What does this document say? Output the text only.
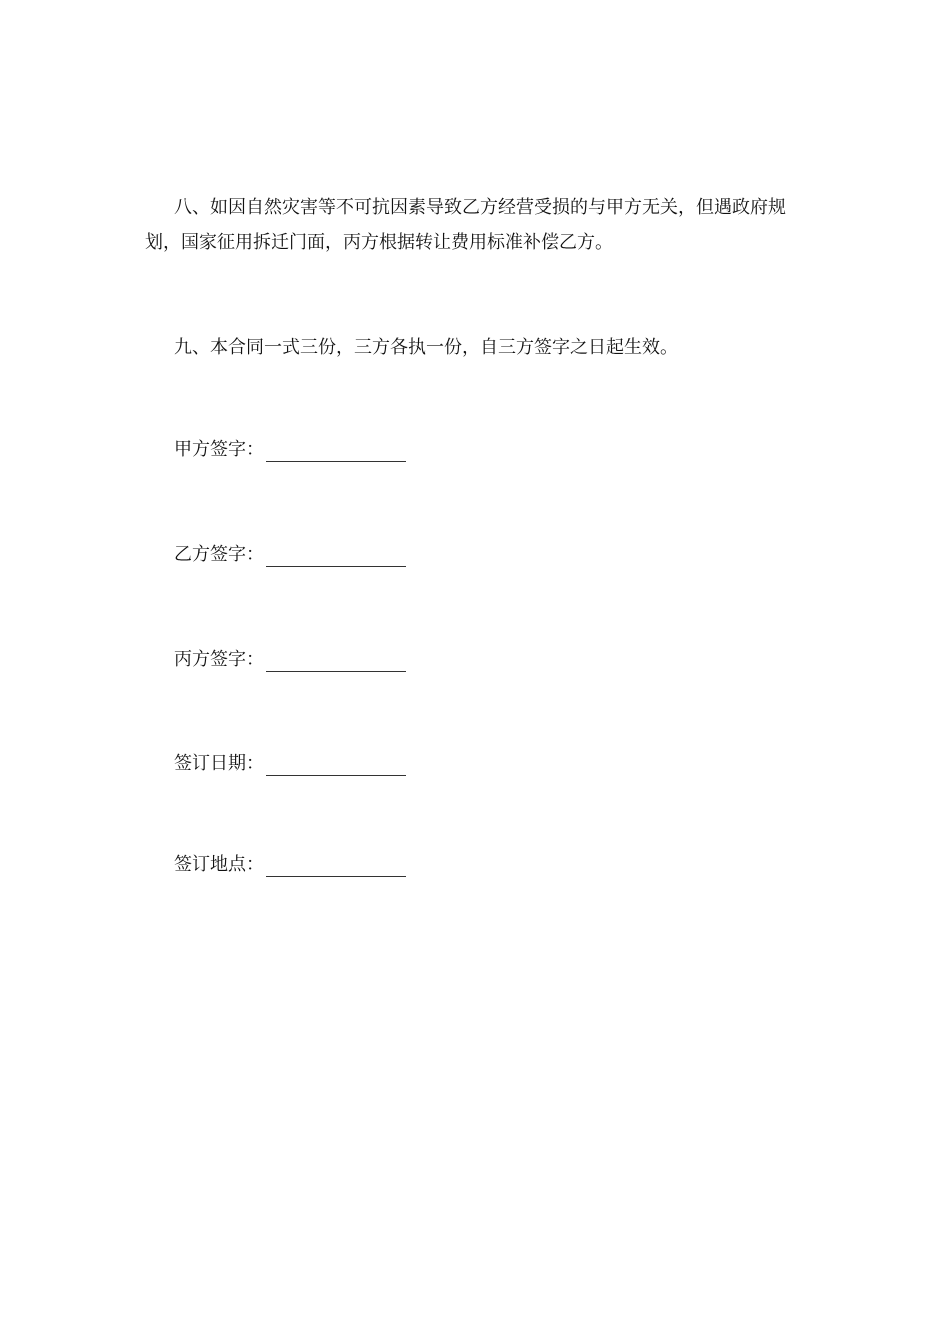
八、如因自然灾害等不可抗因素导致乙方经营受损的与甲方无关，但遇政府规划，国家征用拆迁门面，丙方根据转让费用标准补偿乙方。

九、本合同一式三份，三方各执一份，自三方签字之日起生效。

甲方签字：
乙方签字：
丙方签字：
签订日期：
签订地点：
